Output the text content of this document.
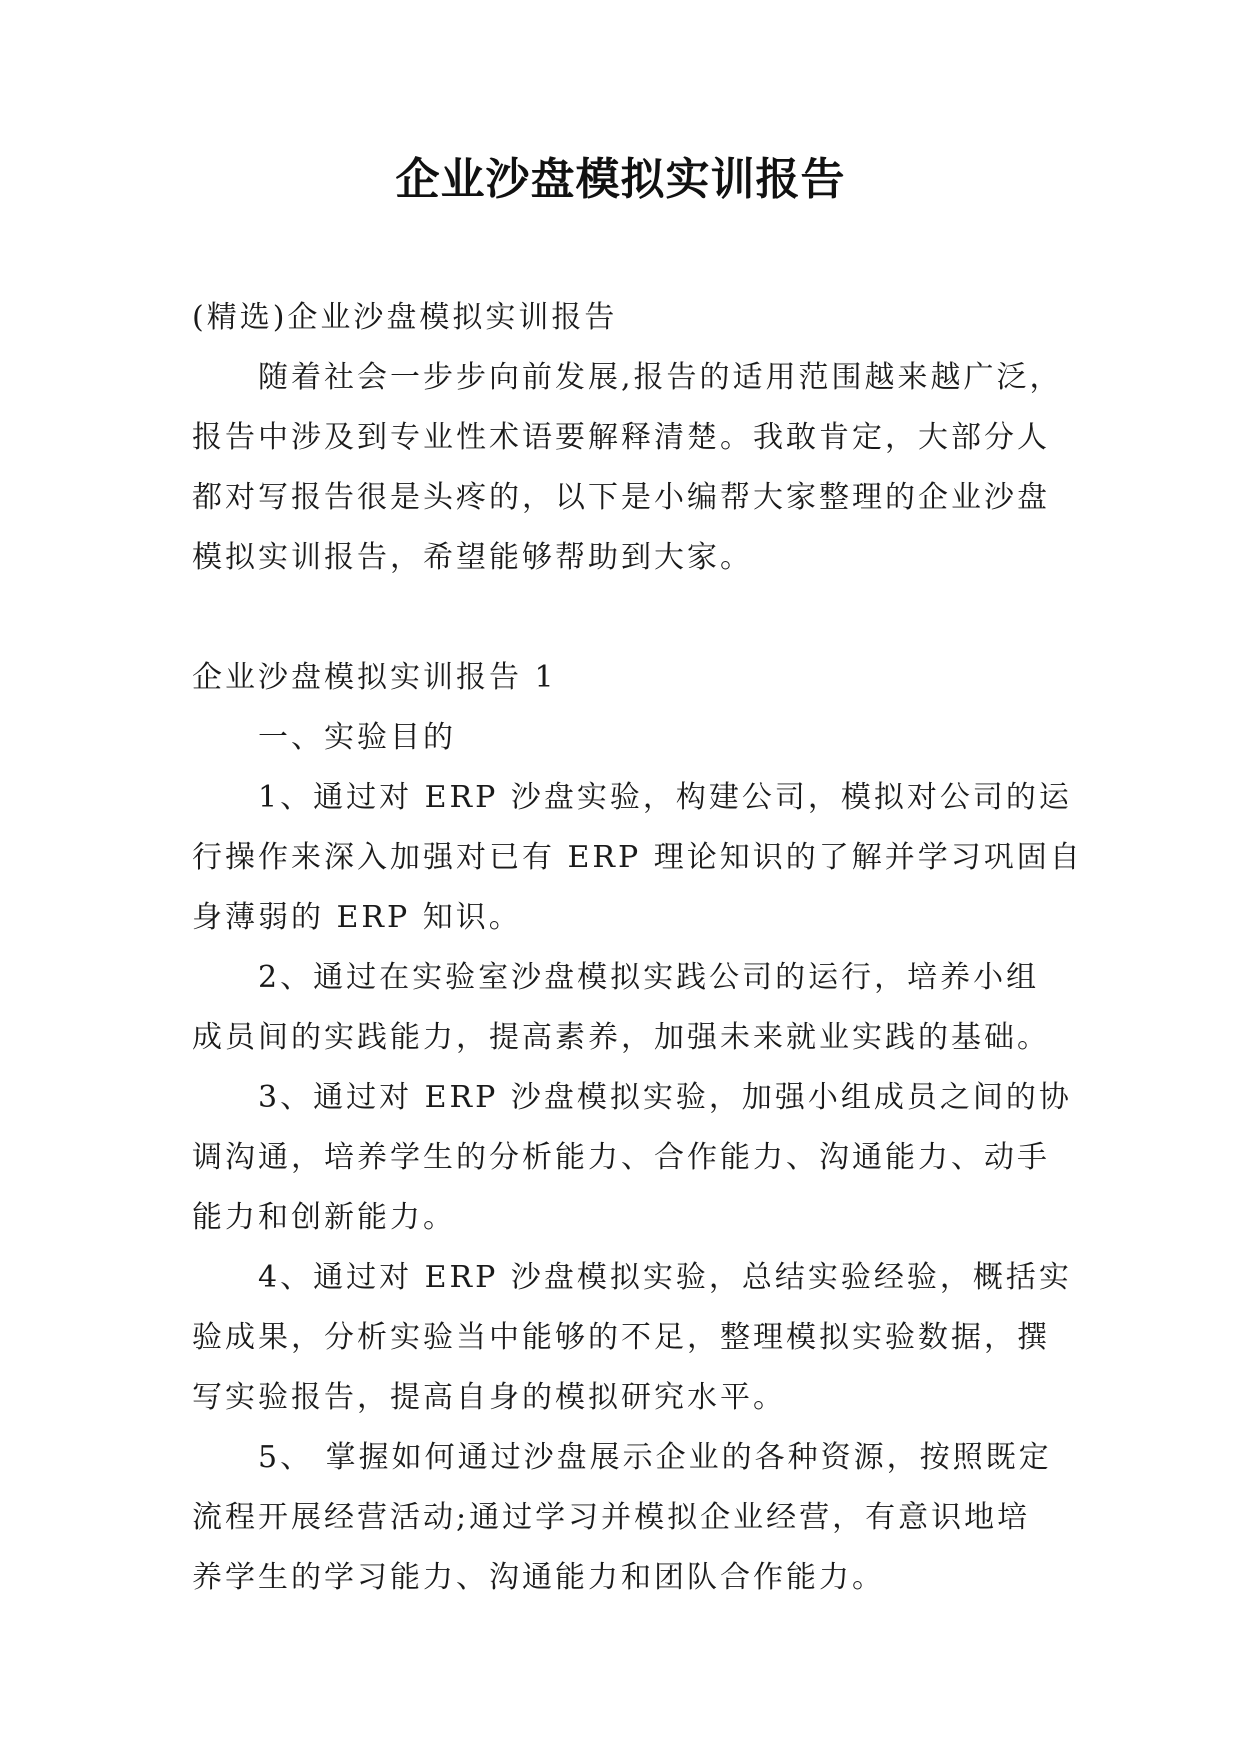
企业沙盘模拟实训报告
(精选)企业沙盘模拟实训报告
　　随着社会一步步向前发展,报告的适用范围越来越广泛，
报告中涉及到专业性术语要解释清楚。我敢肯定，大部分人
都对写报告很是头疼的，以下是小编帮大家整理的企业沙盘
模拟实训报告，希望能够帮助到大家。
企业沙盘模拟实训报告 1
　　一、实验目的
　　1、通过对 ERP 沙盘实验，构建公司，模拟对公司的运
行操作来深入加强对已有 ERP 理论知识的了解并学习巩固自
身薄弱的 ERP 知识。
　　2、通过在实验室沙盘模拟实践公司的运行，培养小组
成员间的实践能力，提高素养，加强未来就业实践的基础。
　　3、通过对 ERP 沙盘模拟实验，加强小组成员之间的协
调沟通，培养学生的分析能力、合作能力、沟通能力、动手
能力和创新能力。
　　4、通过对 ERP 沙盘模拟实验，总结实验经验，概括实
验成果，分析实验当中能够的不足，整理模拟实验数据，撰
写实验报告，提高自身的模拟研究水平。
　　5、 掌握如何通过沙盘展示企业的各种资源，按照既定
流程开展经营活动;通过学习并模拟企业经营，有意识地培
养学生的学习能力、沟通能力和团队合作能力。
